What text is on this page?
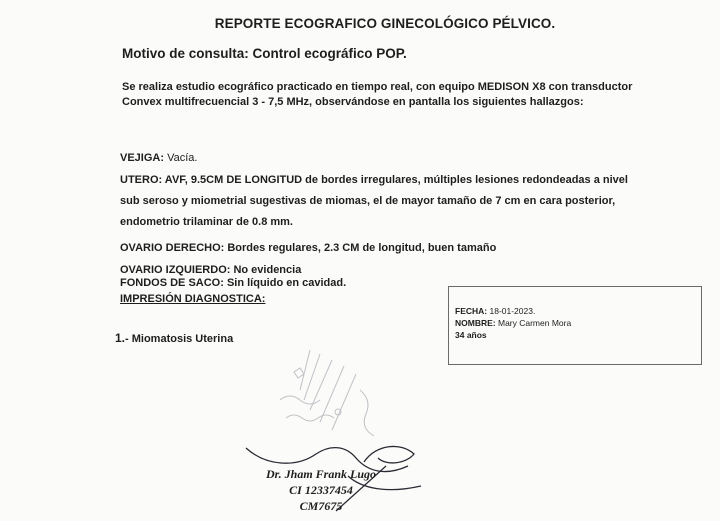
REPORTE ECOGRAFICO GINECOLÓGICO PÉLVICO.
Motivo de consulta: Control ecográfico POP.
Se realiza estudio ecográfico practicado en tiempo real, con equipo MEDISON X8 con transductor Convex multifrecuencial 3 - 7,5 MHz, observándose en pantalla los siguientes hallazgos:
VEJIGA: Vacía.
UTERO: AVF, 9.5CM DE LONGITUD de bordes irregulares, múltiples lesiones redondeadas a nivel sub seroso y miometrial sugestivas de miomas, el de mayor tamaño de 7 cm en cara posterior, endometrio trilaminar de 0.8 mm.
OVARIO DERECHO: Bordes regulares, 2.3 CM de longitud, buen tamaño
OVARIO IZQUIERDO: No evidencia
FONDOS DE SACO: Sin líquido en cavidad.
IMPRESIÓN DIAGNOSTICA:
1.- Miomatosis Uterina
FECHA: 18-01-2023.
NOMBRE: Mary Carmen Mora
34 años
Dr. Jham Frank Lugo
CI 12337454
CM7675
